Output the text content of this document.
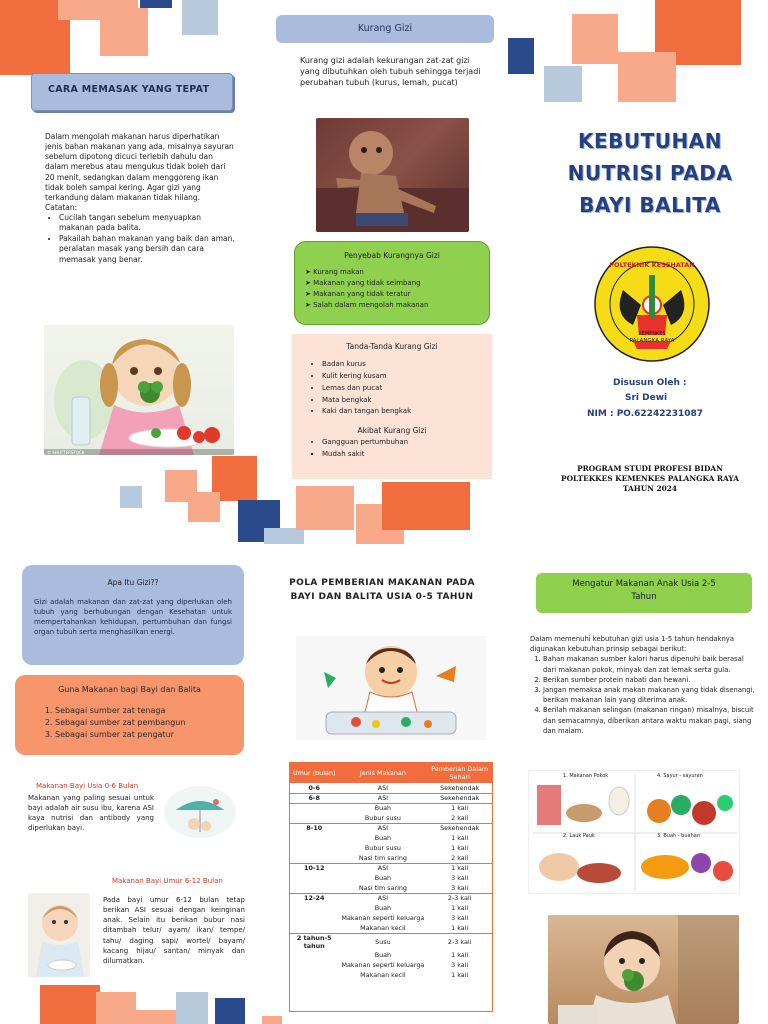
CARA MEMASAK YANG TEPAT

Dalam mengolah makanan harus diperhatikan jenis bahan makanan yang ada, misalnya sayuran sebelum dipotong dicuci terlebih dahulu dan dalam merebus atau mengukus tidak boleh dari 20 menit, sedangkan dalam menggoreng ikan tidak boleh sampai kering. Agar gizi yang terkandung dalam makanan tidak hilang.

Catatan:

• Cucilah tangan sebelum menyuapkan makanan pada balita.
• Pakailah bahan makanan yang baik dan aman, peralatan masak yang bersih dan cara memasak yang benar.
© SHUTTERSTOCK
Kurang Gizi
Kurang gizi adalah kekurangan zat-zat gizi yang dibutuhkan oleh tubuh sehingga terjadi perubahan tubuh (kurus, lemah, pucat)
Penyebab Kurangnya Gizi
➤ Kurang makan
➤ Makanan yang tidak seimbang
➤ Makanan yang tidak teratur
➤ Salah dalam mengolah makanan
Tanda-Tanda Kurang Gizi
• Badan kurus
• Kulit kering kusam
• Lemas dan pucat
• Mata bengkak
• Kaki dan tangan bengkak
Akibat Kurang Gizi
• Gangguan pertumbuhan
▪ Mudah sakit
KEBUTUHAN
NUTRISI PADA
BAYI BALITA
POLTEKNIK KESEHATAN
KEMENKES
PALANGKA RAYA
Disusun Oleh :
Sri Dewi
NIM : PO.62242231087
PROGRAM STUDI PROFESI BIDAN
POLTEKKES KEMENKES PALANGKA RAYA
TAHUN 2024
Apa Itu Gizi??
Gizi adalah makanan dan zat-zat yang diperlukan oleh tubuh yang berhubungan dengan Kesehatan untuk mempertahankan kehidupan, pertumbuhan dan fungsi organ tubuh serta menghasilkan energi.
Guna Makanan bagi Bayi dan Balita
1. Sebagai sumber zat tenaga
2. Sebagai sumber zat pembangun
3. Sebagai sumber zat pengatur
Makanan Bayi Usia 0-6 Bulan
Makanan yang paling sesuai untuk bayi adalah air susu ibu, karena ASI kaya nutrisi dan antibody yang diperlukan bayi.
Makanan Bayi Umur 6-12 Bulan
Pada bayi umur 6-12 bulan tetap berikan ASI sesuai dengan keinginan anak. Selain itu berikan bubur nasi ditambah telur/ ayam/ ikan/ tempe/ tahu/ daging sapi/ wortel/ bayam/ kacang hijau/ santan/ minyak dan dilumatkan.
POLA PEMBERIAN MAKANAN PADA BAYI DAN BALITA USIA 0-5 TAHUN
Umur (bulan)	Jenis Makanan	Pemberian Dalam Sehari
0-6	ASI	Sekehendak
6-8	ASI	Sekehendak
	Buah	1 kali
	Bubur susu	2 kali
8-10	ASI	Sekehendak
	Buah	1 kali
	Bubur susu	1 kali
	Nasi tim saring	2 kali
10-12	ASI	1 kali
	Buah	3 kali
	Nasi tim saring	3 kali
12-24	ASI	2-3 kali
	Buah	1 kali
	Makanan seperti keluarga	3 kali
	Makanan kecil	1 kali
2 tahun-5 tahun	Susu	2-3 kali
	Buah	1 kali
	Makanan seperti keluarga	3 kali
	Makanan kecil	1 kali
Mengatur Makanan Anak Usia 2-5 Tahun

Dalam memenuhi kebutuhan gizi usia 1-5 tahun hendaknya digunakan kebutuhan prinsip sebagai berikut:

1. Bahan makanan sumber kalori harus dipenuhi baik berasal dari makanan pokok, minyak dan zat lemak serta gula.
2. Berikan sumber protein nabati dan hewani.
3. Jangan memaksa anak makan makanan yang tidak disenangi, berikan makanan lain yang diterima anak.
4. Berilah makanan selingan (makanan ringan) misalnya, biscuit dan semacamnya, diberikan antara waktu makan pagi, siang dan malam.
1. Makanan Pokok	4. Sayur - sayuran
2. Lauk Pauk	3. Buah - buahan
